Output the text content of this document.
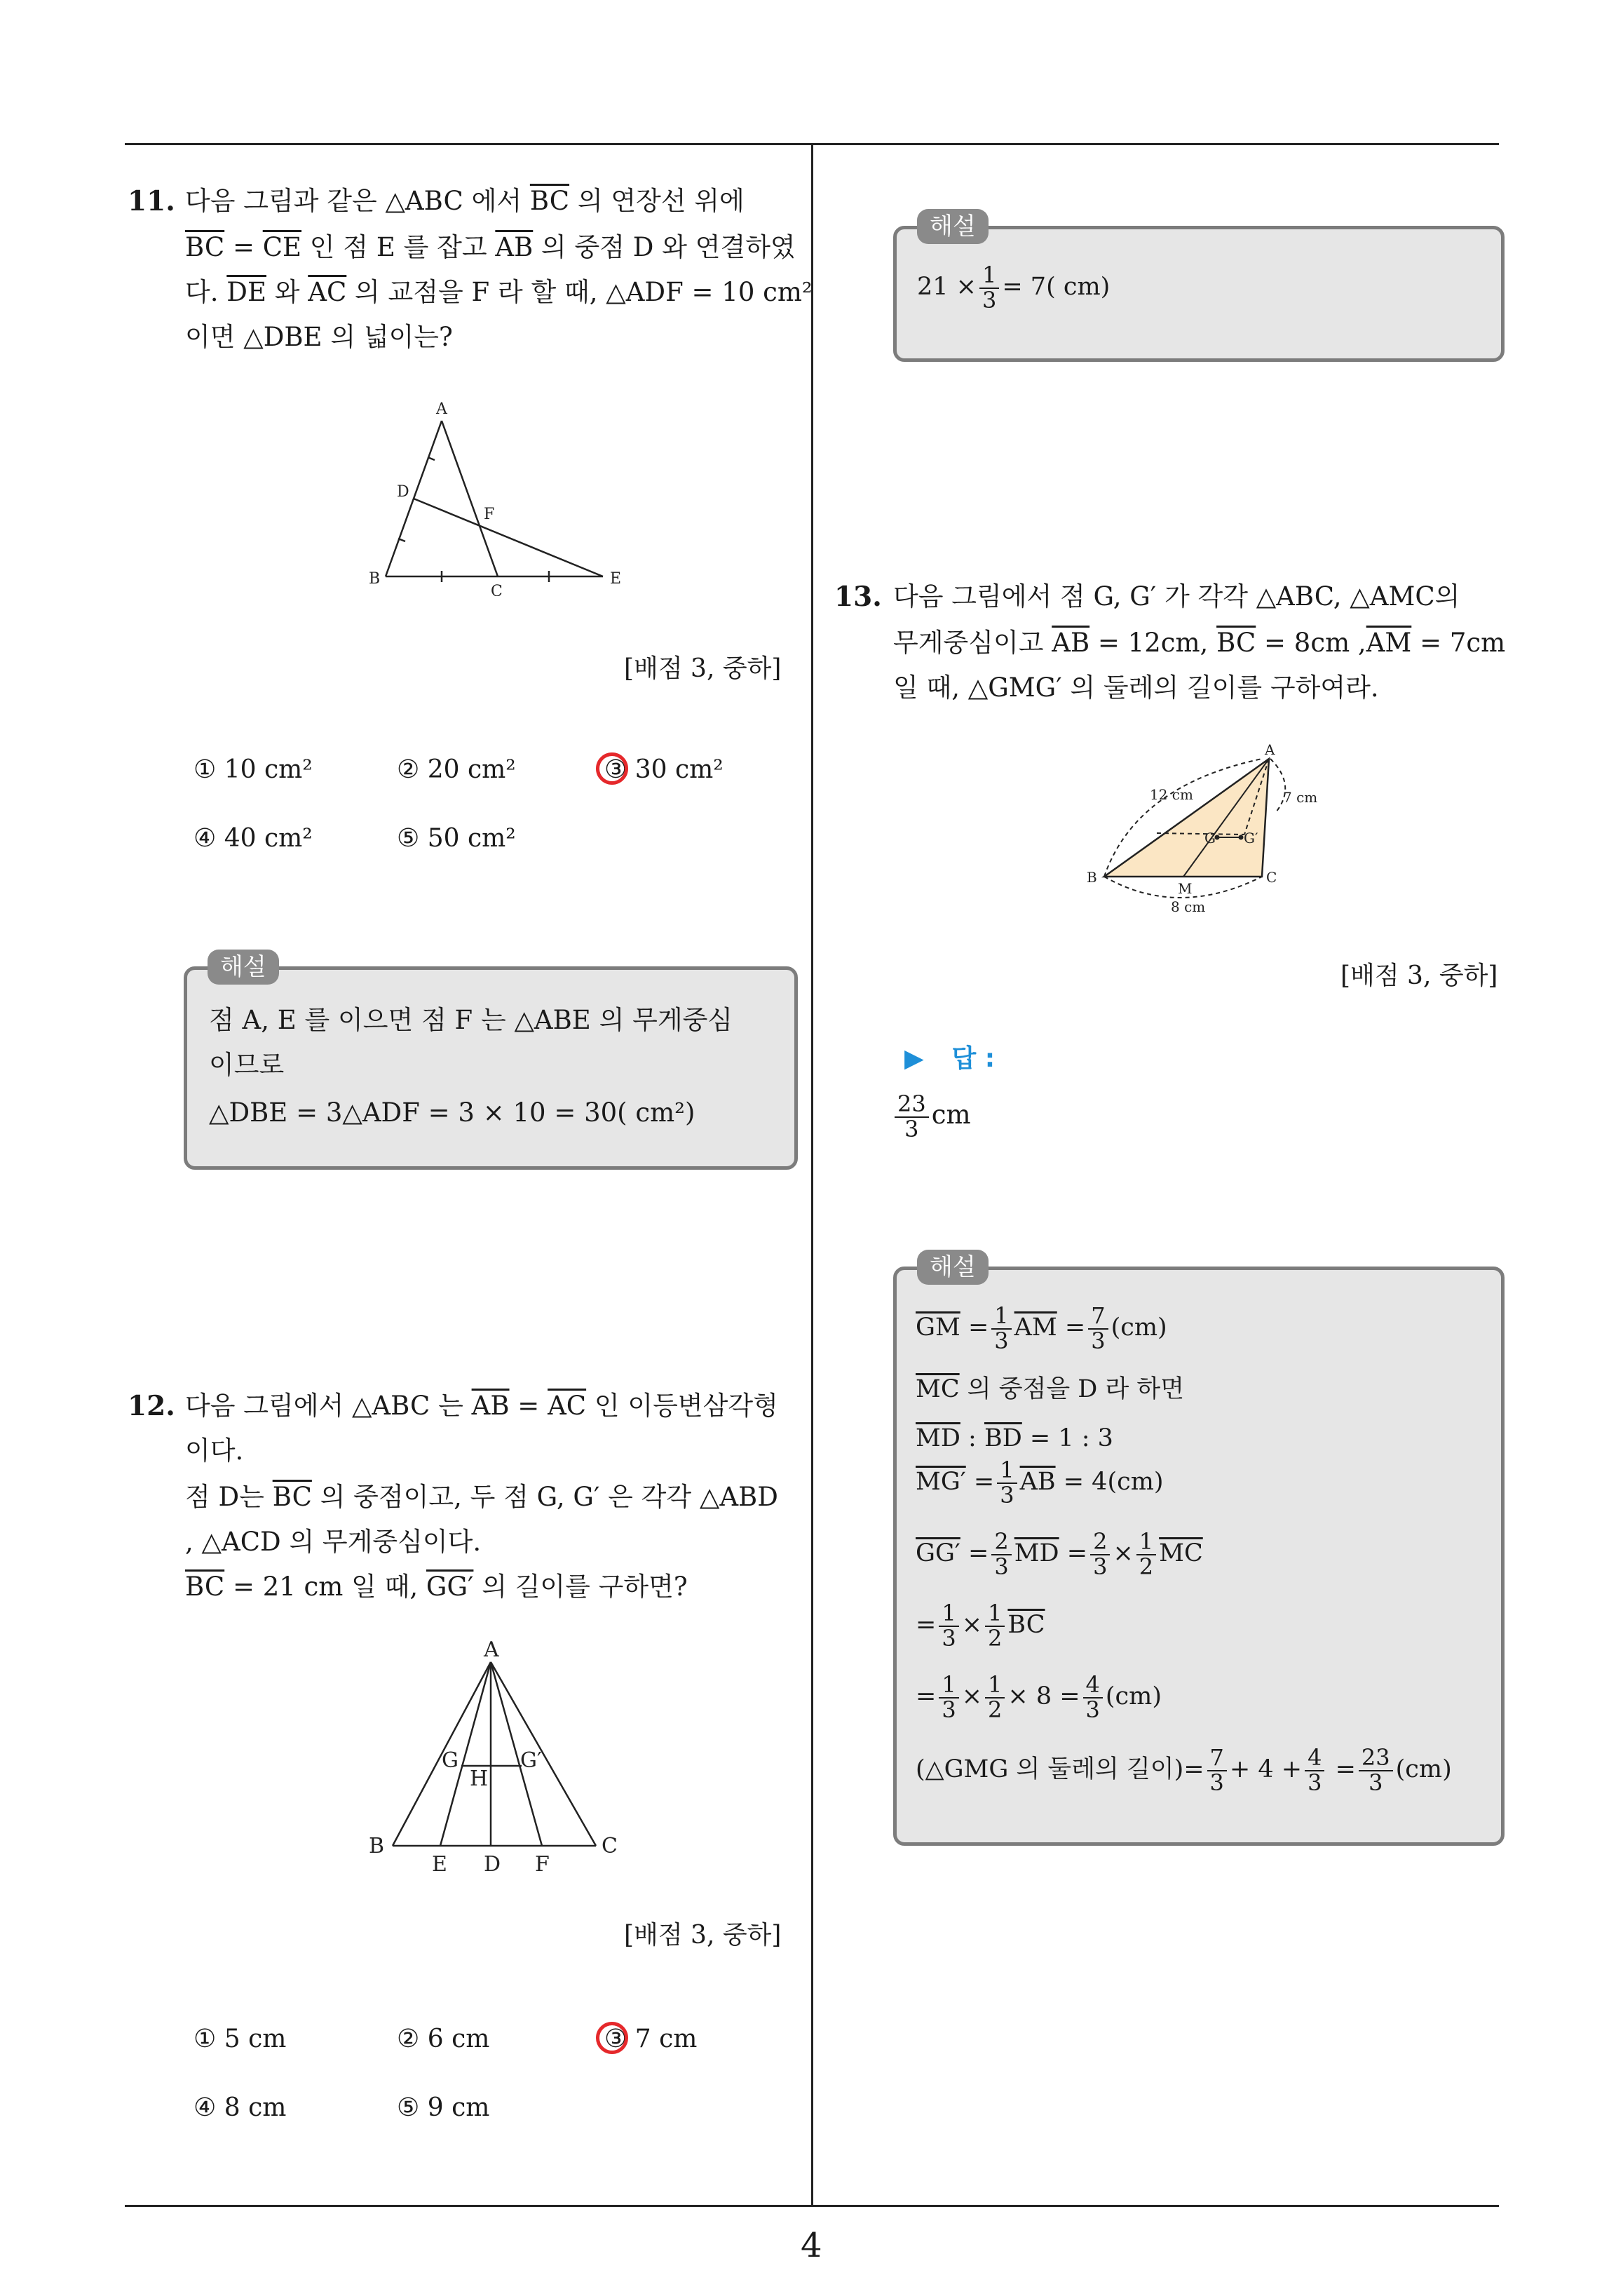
4
11. 다음 그림과 같은 △ABC 에서 $\overline{BC}$ 의 연장선 위에
$\overline{BC} = \overline{CE}$ 인 점 E 를 잡고 $\overline{AB}$ 의 중점 D 와 연결하였
다. $\overline{DE}$ 와 $\overline{AC}$ 의 교점을 F 라 할 때, △ADF = 10 cm²
이면 △DBE 의 넓이는?
A
D
F
B
C
E
[배점 3, 중하]
① 10 cm²	② 20 cm²	③ 30 cm²
④ 40 cm²	⑤ 50 cm²
해설
점 A, E 를 이으면 점 F 는 △ABE 의 무게중심
이므로
△DBE = 3△ADF = 3 × 10 = 30( cm²)
12. 다음 그림에서 △ABC 는 $\overline{AB} = \overline{AC}$ 인 이등변삼각형
이다.
점 D는 $\overline{BC}$ 의 중점이고, 두 점 G, G′ 은 각각 △ABD
, △ACD 의 무게중심이다.
$\overline{BC} = 21$ cm 일 때, GG′ 의 길이를 구하면?
A
G	G′
H
B
E D F
C
[배점 3, 중하]
① 5 cm	② 6 cm	③ 7 cm
④ 8 cm	⑤ 9 cm
해설
$21 \times \frac{1}{3} = 7$( cm)
13. 다음 그림에서 점 G, G′ 가 각각 △ABC, △AMC의
무게중심이고 $\overline{AB} = 12cm$, $\overline{BC} = 8cm$ $,\overline{AM} = 7cm$
일 때, △GMG′ 의 둘레의 길이를 구하여라.
A
12 cm	7 cm
G G′
B
M
C
8 cm
[배점 3, 중하]
▶ 답 :
$\frac{23}{3}$ cm
해설
$\overline{GM} = \frac{1}{3} \overline{AM} = \frac{7}{3} (cm)$
$\overline{MC}$ 의 중점을 D 라 하면
$\overline{MD}$ : $\overline{BD} = 1$ : 3
$MG' = \frac{1}{3} \overline{AB} = 4(cm)$
$GG' = \frac{2}{3} \overline{MD} = \frac{2}{3} \times \frac{1}{2} \overline{MC}$
= $\frac{1}{3} \times \frac{1}{2} \overline{BC}$
= $\frac{1}{3} \times \frac{1}{2} \times 8 = \frac{4}{3} (cm)$
(△GMG 의 둘레의 길이)= $\frac{7}{3} + 4 + \frac{4}{3} = \frac{23}{3} (cm)$
